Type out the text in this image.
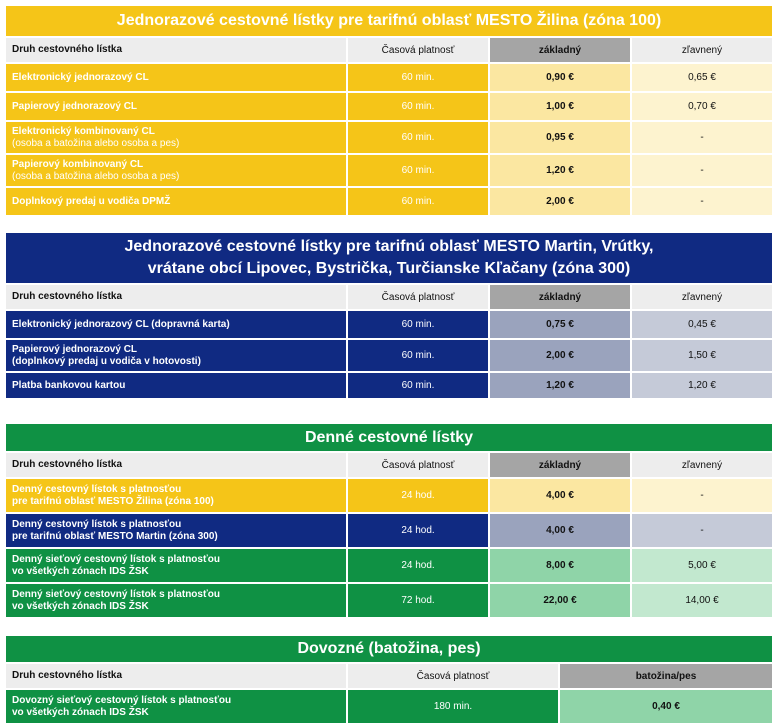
Jednorazové cestovné lístky pre tarifnú oblasť MESTO Žilina (zóna 100)
Druh cestovného lístka	Časová platnosť	základný	zľavnený
Elektronický jednorazový CL	60 min.	0,90 €	0,65 €
Papierový jednorazový CL	60 min.	1,00 €	0,70 €
Elektronický kombinovaný CL
(osoba a batožina alebo osoba a pes)	60 min.	0,95 €	-
Papierový kombinovaný CL
(osoba a batožina alebo osoba a pes)	60 min.	1,20 €	-
Doplnkový predaj u vodiča DPMŽ	60 min.	2,00 €	-
Jednorazové cestovné lístky pre tarifnú oblasť MESTO Martin, Vrútky,
vrátane obcí Lipovec, Bystrička, Turčianske Kľačany (zóna 300)
Druh cestovného lístka	Časová platnosť	základný	zľavnený
Elektronický jednorazový CL (dopravná karta)	60 min.	0,75 €	0,45 €
Papierový jednorazový CL
(doplnkový predaj u vodiča v hotovosti)	60 min.	2,00 €	1,50 €
Platba bankovou kartou	60 min.	1,20 €	1,20 €
Denné cestovné lístky
Druh cestovného lístka	Časová platnosť	základný	zľavnený
Denný cestovný lístok s platnosťou
pre tarifnú oblasť MESTO Žilina (zóna 100)	24 hod.	4,00 €	-
Denný cestovný lístok s platnosťou
pre tarifnú oblasť MESTO Martin (zóna 300)	24 hod.	4,00 €	-
Denný sieťový cestovný lístok s platnosťou
vo všetkých zónach IDS ŽSK	24 hod.	8,00 €	5,00 €
Denný sieťový cestovný lístok s platnosťou
vo všetkých zónach IDS ŽSK	72 hod.	22,00 €	14,00 €
Dovozné (batožina, pes)
Druh cestovného lístka	Časová platnosť	batožina/pes
Dovozný sieťový cestovný lístok s platnosťou
vo všetkých zónach IDS ŽSK	180 min.	0,40 €
